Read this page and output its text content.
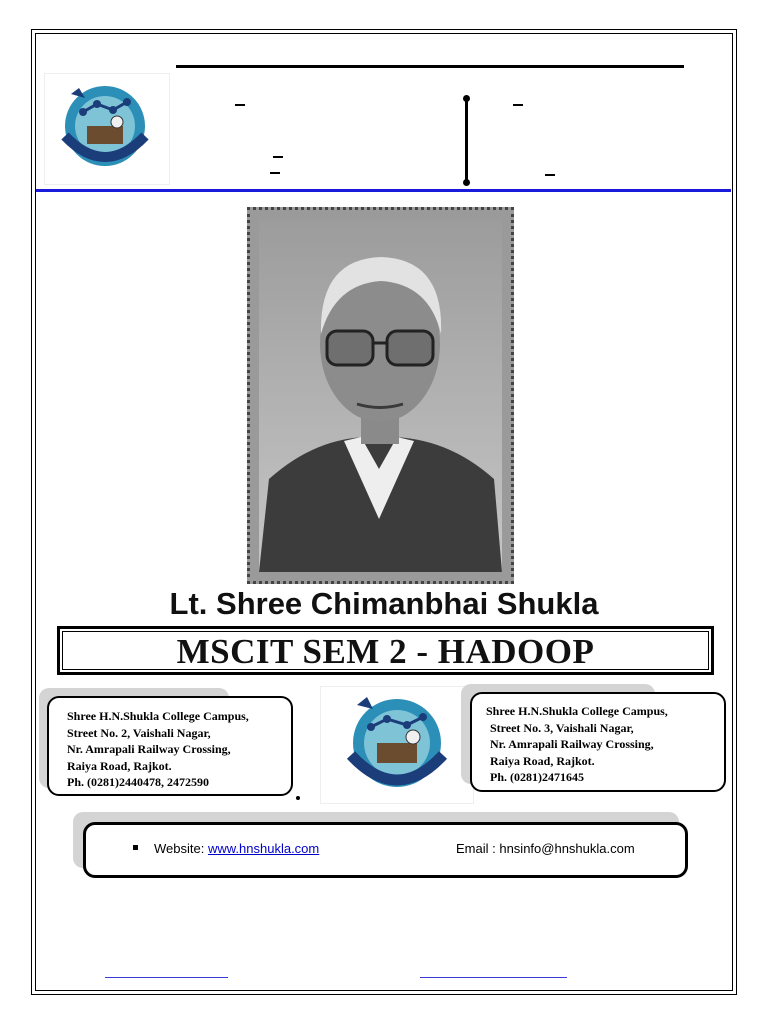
Lt. Shree Chimanbhai Shukla
MSCIT SEM 2 - HADOOP
Shree H.N.Shukla College Campus,
Street No. 2, Vaishali Nagar,
Nr. Amrapali Railway Crossing,
Raiya Road, Rajkot.
Ph. (0281)2440478, 2472590
Shree H.N.Shukla College Campus,
Street No. 3, Vaishali Nagar,
Nr. Amrapali Railway Crossing,
Raiya Road, Rajkot.
Ph. (0281)2471645
Website: www.hnshukla.com	Email : hnsinfo@hnshukla.com
